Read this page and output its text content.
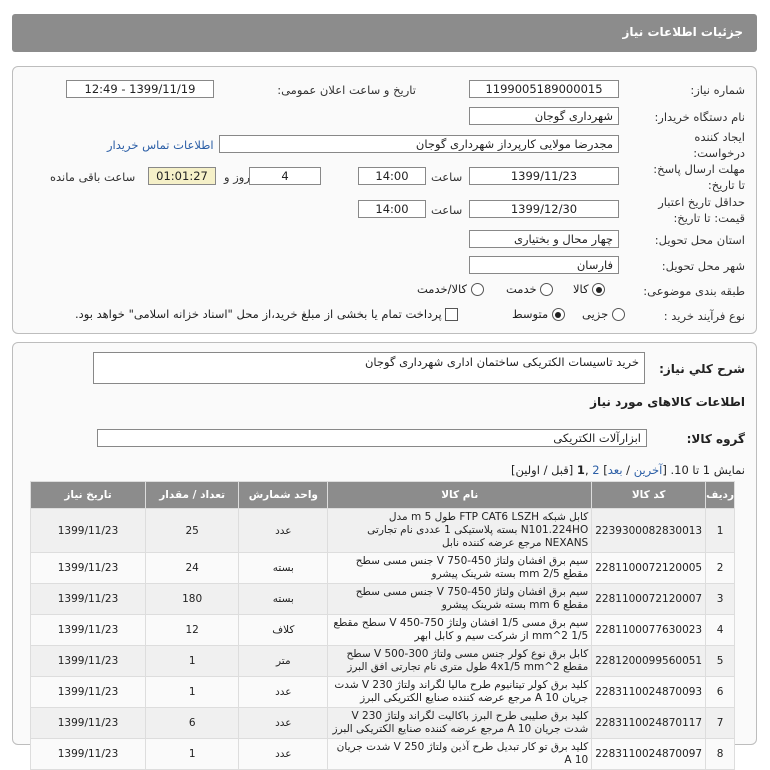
جزئیات اطلاعات نیاز
شماره نیاز:
1199005189000015
تاریخ و ساعت اعلان عمومی:
1399/11/19 - 12:49
نام دستگاه خریدار:
شهرداری گوجان
ایجاد کننده درخواست:
مجدرضا مولایی کارپرداز شهرداری گوجان
اطلاعات تماس خریدار
مهلت ارسال پاسخ: تا تاریخ:
1399/11/23
ساعت
14:00
4
روز و
01:01:27
ساعت باقی مانده
حداقل تاریخ اعتبار قیمت: تا تاریخ:
1399/12/30
ساعت
14:00
استان محل تحویل:
چهار محال و بختیاری
شهر محل تحویل:
فارسان
طبقه بندی موضوعی:
کالا
خدمت
کالا/خدمت
نوع فرآیند خرید :
جزیی
متوسط
پرداخت تمام یا بخشی از مبلغ خرید،از محل "اسناد خزانه اسلامی" خواهد بود.
شرح کلي نياز:
خرید تاسیسات الکتریکی ساختمان اداری شهرداری گوجان
اطلاعات کالاهای مورد نیاز
گروه کالا:
ابزارآلات الکتریکی
نمایش 1 تا 10. [آخرین / بعد] 2 ,1 [قبل / اولین]
ردیف	کد کالا	نام کالا	واحد شمارش	تعداد / مقدار	تاریخ نیاز
1	2239300082830013	کابل شبکه FTP CAT6 LSZH طول 5 m مدل N101.224HO بسته پلاستیکی 1 عددی نام تجارتی NEXANS مرجع عرضه کننده نابل	عدد	25	1399/11/23
2	2281100072120005	سیم برق افشان ولتاژ 450-750 V جنس مسی سطح مقطع 2/5 mm بسته شرینک پیشرو	بسته	24	1399/11/23
3	2281100072120007	سیم برق افشان ولتاژ 450-750 V جنس مسی سطح مقطع 6 mm بسته شرینک پیشرو	بسته	180	1399/11/23
4	2281100077630023	سیم برق مسی 1/5 افشان ولتاژ 750-450 V سطح مقطع 1/5 mm^2 از شرکت سیم و کابل ابهر	کلاف	12	1399/11/23
5	2281200099560051	کابل برق نوع کولر جنس مسی ولتاژ 300-500 V سطح مقطع 4x1/5 mm^2 طول متری نام تجارتی افق البرز	متر	1	1399/11/23
6	2283110024870093	کلید برق کولر تیتانیوم طرح مالیا لگراند ولتاژ 230 V شدت جریان 10 A مرجع عرضه کننده صنایع الکتریکی البرز	عدد	1	1399/11/23
7	2283110024870117	کلید برق صلیبی طرح البرز باکالیت لگراند ولتاژ 230 V شدت جریان 10 A مرجع عرضه کننده صنایع الکتریکی البرز	عدد	6	1399/11/23
8	2283110024870097	کلید برق تو کار تبدیل طرح آذین ولتاژ 250 V شدت جریان 10 A	عدد	1	1399/11/23
